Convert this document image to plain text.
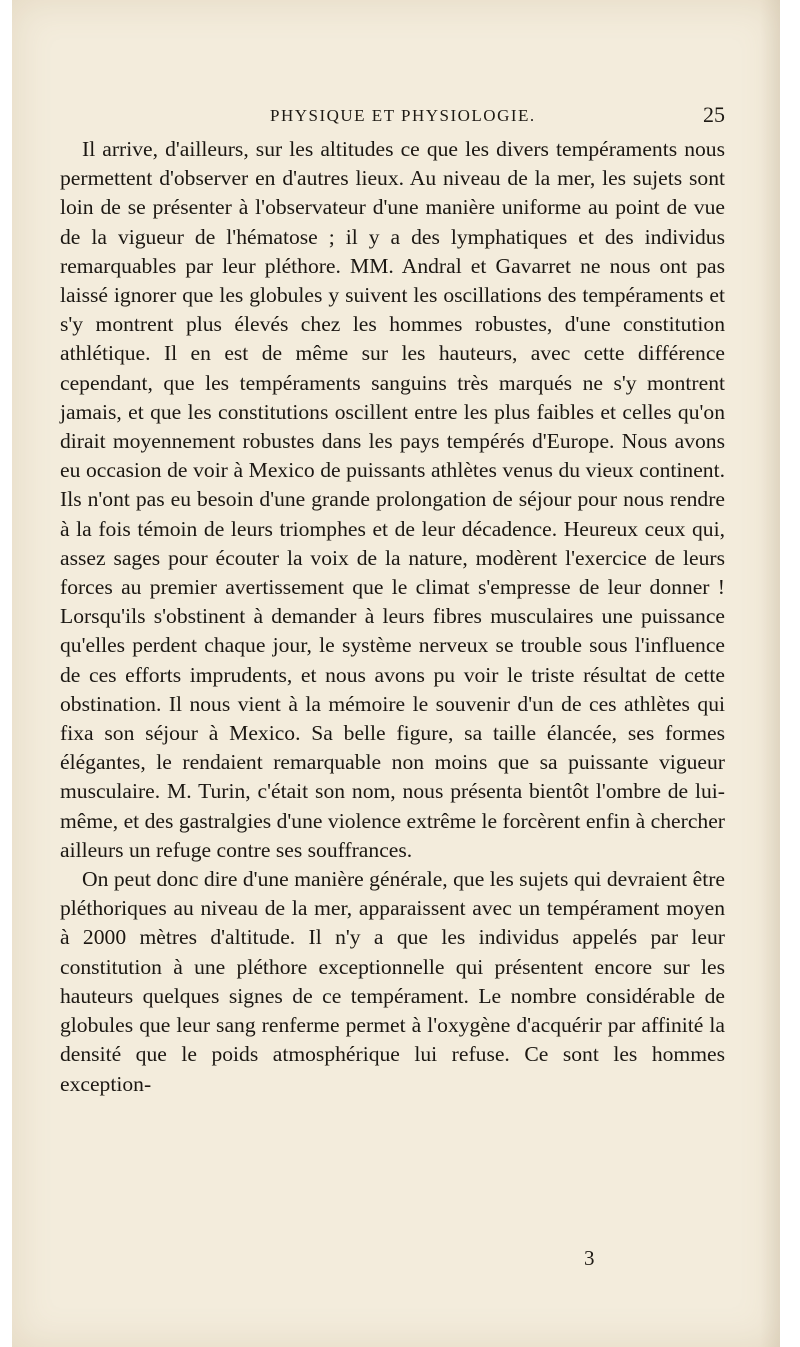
PHYSIQUE ET PHYSIOLOGIE.	25

Il arrive, d'ailleurs, sur les altitudes ce que les divers tempéraments nous permettent d'observer en d'autres lieux. Au niveau de la mer, les sujets sont loin de se présenter à l'observateur d'une manière uniforme au point de vue de la vigueur de l'hématose ; il y a des lymphatiques et des individus remarquables par leur pléthore. MM. Andral et Gavarret ne nous ont pas laissé ignorer que les globules y suivent les oscillations des tempéraments et s'y montrent plus élevés chez les hommes robustes, d'une constitution athlétique. Il en est de même sur les hauteurs, avec cette différence cependant, que les tempéraments sanguins très marqués ne s'y montrent jamais, et que les constitutions oscillent entre les plus faibles et celles qu'on dirait moyennement robustes dans les pays tempérés d'Europe. Nous avons eu occasion de voir à Mexico de puissants athlètes venus du vieux continent. Ils n'ont pas eu besoin d'une grande prolongation de séjour pour nous rendre à la fois témoin de leurs triomphes et de leur décadence. Heureux ceux qui, assez sages pour écouter la voix de la nature, modèrent l'exercice de leurs forces au premier avertissement que le climat s'empresse de leur donner ! Lorsqu'ils s'obstinent à demander à leurs fibres musculaires une puissance qu'elles perdent chaque jour, le système nerveux se trouble sous l'influence de ces efforts imprudents, et nous avons pu voir le triste résultat de cette obstination. Il nous vient à la mémoire le souvenir d'un de ces athlètes qui fixa son séjour à Mexico. Sa belle figure, sa taille élancée, ses formes élégantes, le rendaient remarquable non moins que sa puissante vigueur musculaire. M. Turin, c'était son nom, nous présenta bientôt l'ombre de lui-même, et des gastralgies d'une violence extrême le forcèrent enfin à chercher ailleurs un refuge contre ses souffrances.

On peut donc dire d'une manière générale, que les sujets qui devraient être pléthoriques au niveau de la mer, apparaissent avec un tempérament moyen à 2000 mètres d'altitude. Il n'y a que les individus appelés par leur constitution à une pléthore exceptionnelle qui présentent encore sur les hauteurs quelques signes de ce tempérament. Le nombre considérable de globules que leur sang renferme permet à l'oxygène d'acquérir par affinité la densité que le poids atmosphérique lui refuse. Ce sont les hommes exception-

3
